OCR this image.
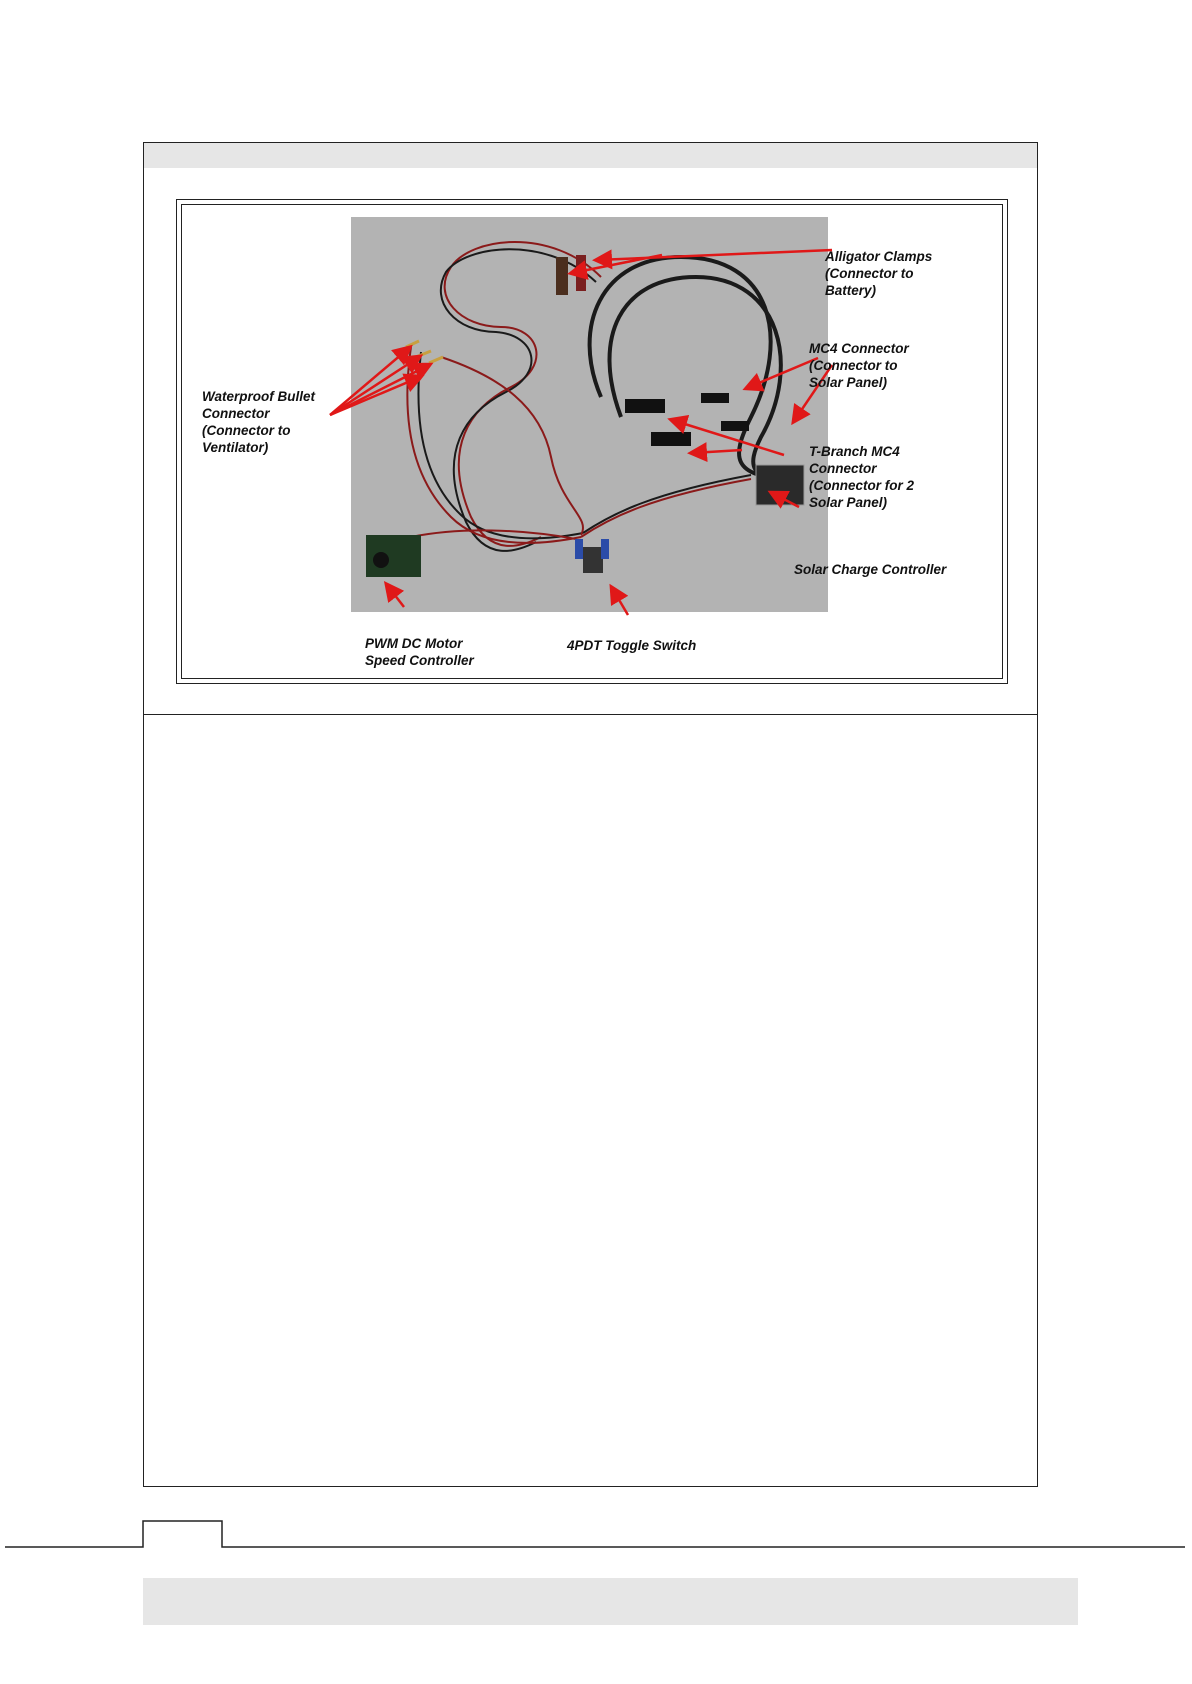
Alligator Clamps
(Connector to
Battery)
MC4 Connector
(Connector to
Solar Panel)
T-Branch MC4
Connector
(Connector for 2
Solar Panel)
Solar Charge Controller
Waterproof Bullet
Connector
(Connector to
Ventilator)
PWM DC Motor
Speed Controller
4PDT Toggle Switch
